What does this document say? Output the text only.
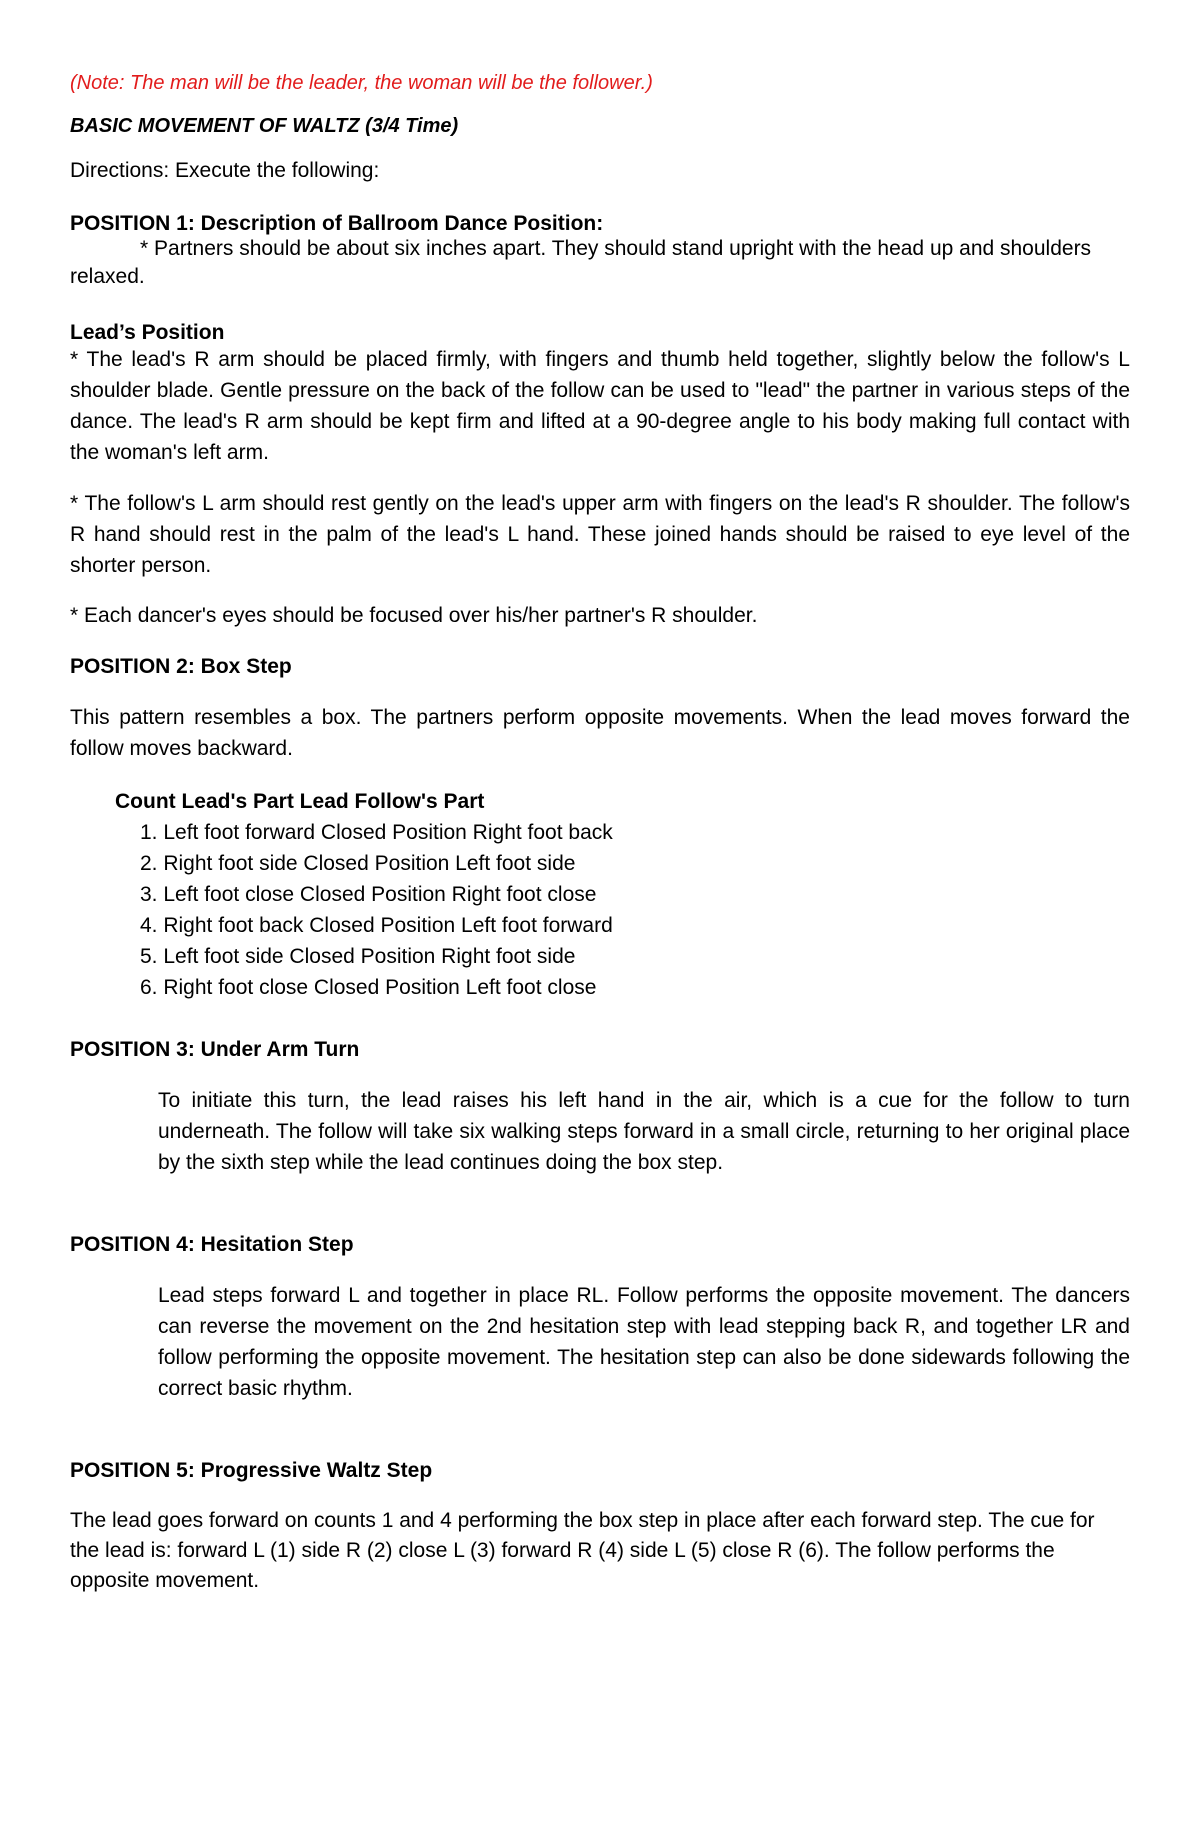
(Note: The man will be the leader, the woman will be the follower.)

BASIC MOVEMENT OF WALTZ (3/4 Time)

Directions: Execute the following:

POSITION 1: Description of Ballroom Dance Position:

* Partners should be about six inches apart. They should stand upright with the head up and shoulders relaxed.

Lead’s Position

* The lead's R arm should be placed firmly, with fingers and thumb held together, slightly below the follow's L shoulder blade. Gentle pressure on the back of the follow can be used to "lead" the partner in various steps of the dance. The lead's R arm should be kept firm and lifted at a 90-degree angle to his body making full contact with the woman's left arm.

* The follow's L arm should rest gently on the lead's upper arm with fingers on the lead's R shoulder. The follow's R hand should rest in the palm of the lead's L hand. These joined hands should be raised to eye level of the shorter person.

* Each dancer's eyes should be focused over his/her partner's R shoulder.

POSITION 2: Box Step

This pattern resembles a box. The partners perform opposite movements. When the lead moves forward the follow moves backward.

Count Lead's Part Lead Follow's Part

1. Left foot forward Closed Position Right foot back
2. Right foot side Closed Position Left foot side
3. Left foot close Closed Position Right foot close
4. Right foot back Closed Position Left foot forward
5. Left foot side Closed Position Right foot side
6. Right foot close Closed Position Left foot close

POSITION 3: Under Arm Turn

To initiate this turn, the lead raises his left hand in the air, which is a cue for the follow to turn underneath. The follow will take six walking steps forward in a small circle, returning to her original place by the sixth step while the lead continues doing the box step.

POSITION 4: Hesitation Step

Lead steps forward L and together in place RL. Follow performs the opposite movement. The dancers can reverse the movement on the 2nd hesitation step with lead stepping back R, and together LR and follow performing the opposite movement. The hesitation step can also be done sidewards following the correct basic rhythm.

POSITION 5: Progressive Waltz Step

The lead goes forward on counts 1 and 4 performing the box step in place after each forward step. The cue for the lead is: forward L (1) side R (2) close L (3) forward R (4) side L (5) close R (6). The follow performs the opposite movement.
